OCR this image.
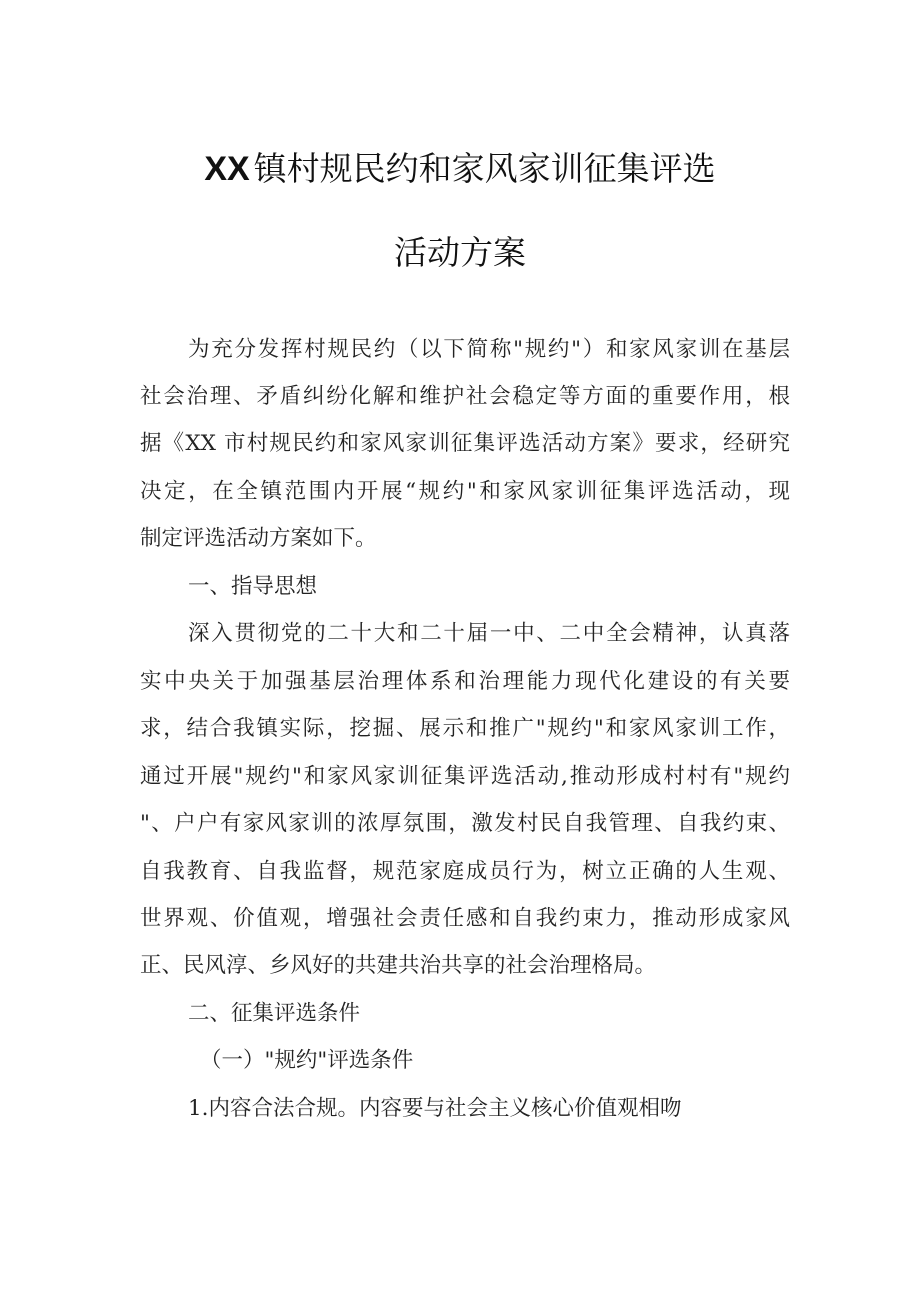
XX 镇村规民约和家风家训征集评选
活动方案
为充分发挥村规民约（以下简称"规约"）和家风家训在基层
社会治理、矛盾纠纷化解和维护社会稳定等方面的重要作用，根
据《XX 市村规民约和家风家训征集评选活动方案》要求，经研究
决定，在全镇范围内开展“规约"和家风家训征集评选活动，现
制定评选活动方案如下。
一、指导思想
深入贯彻党的二十大和二十届一中、二中全会精神，认真落
实中央关于加强基层治理体系和治理能力现代化建设的有关要
求，结合我镇实际，挖掘、展示和推广"规约"和家风家训工作，
通过开展"规约"和家风家训征集评选活动,推动形成村村有"规约
"、户户有家风家训的浓厚氛围，激发村民自我管理、自我约束、
自我教育、自我监督，规范家庭成员行为，树立正确的人生观、
世界观、价值观，增强社会责任感和自我约束力，推动形成家风
正、民风淳、乡风好的共建共治共享的社会治理格局。
二、征集评选条件
（一）"规约"评选条件
1.内容合法合规。内容要与社会主义核心价值观相吻
